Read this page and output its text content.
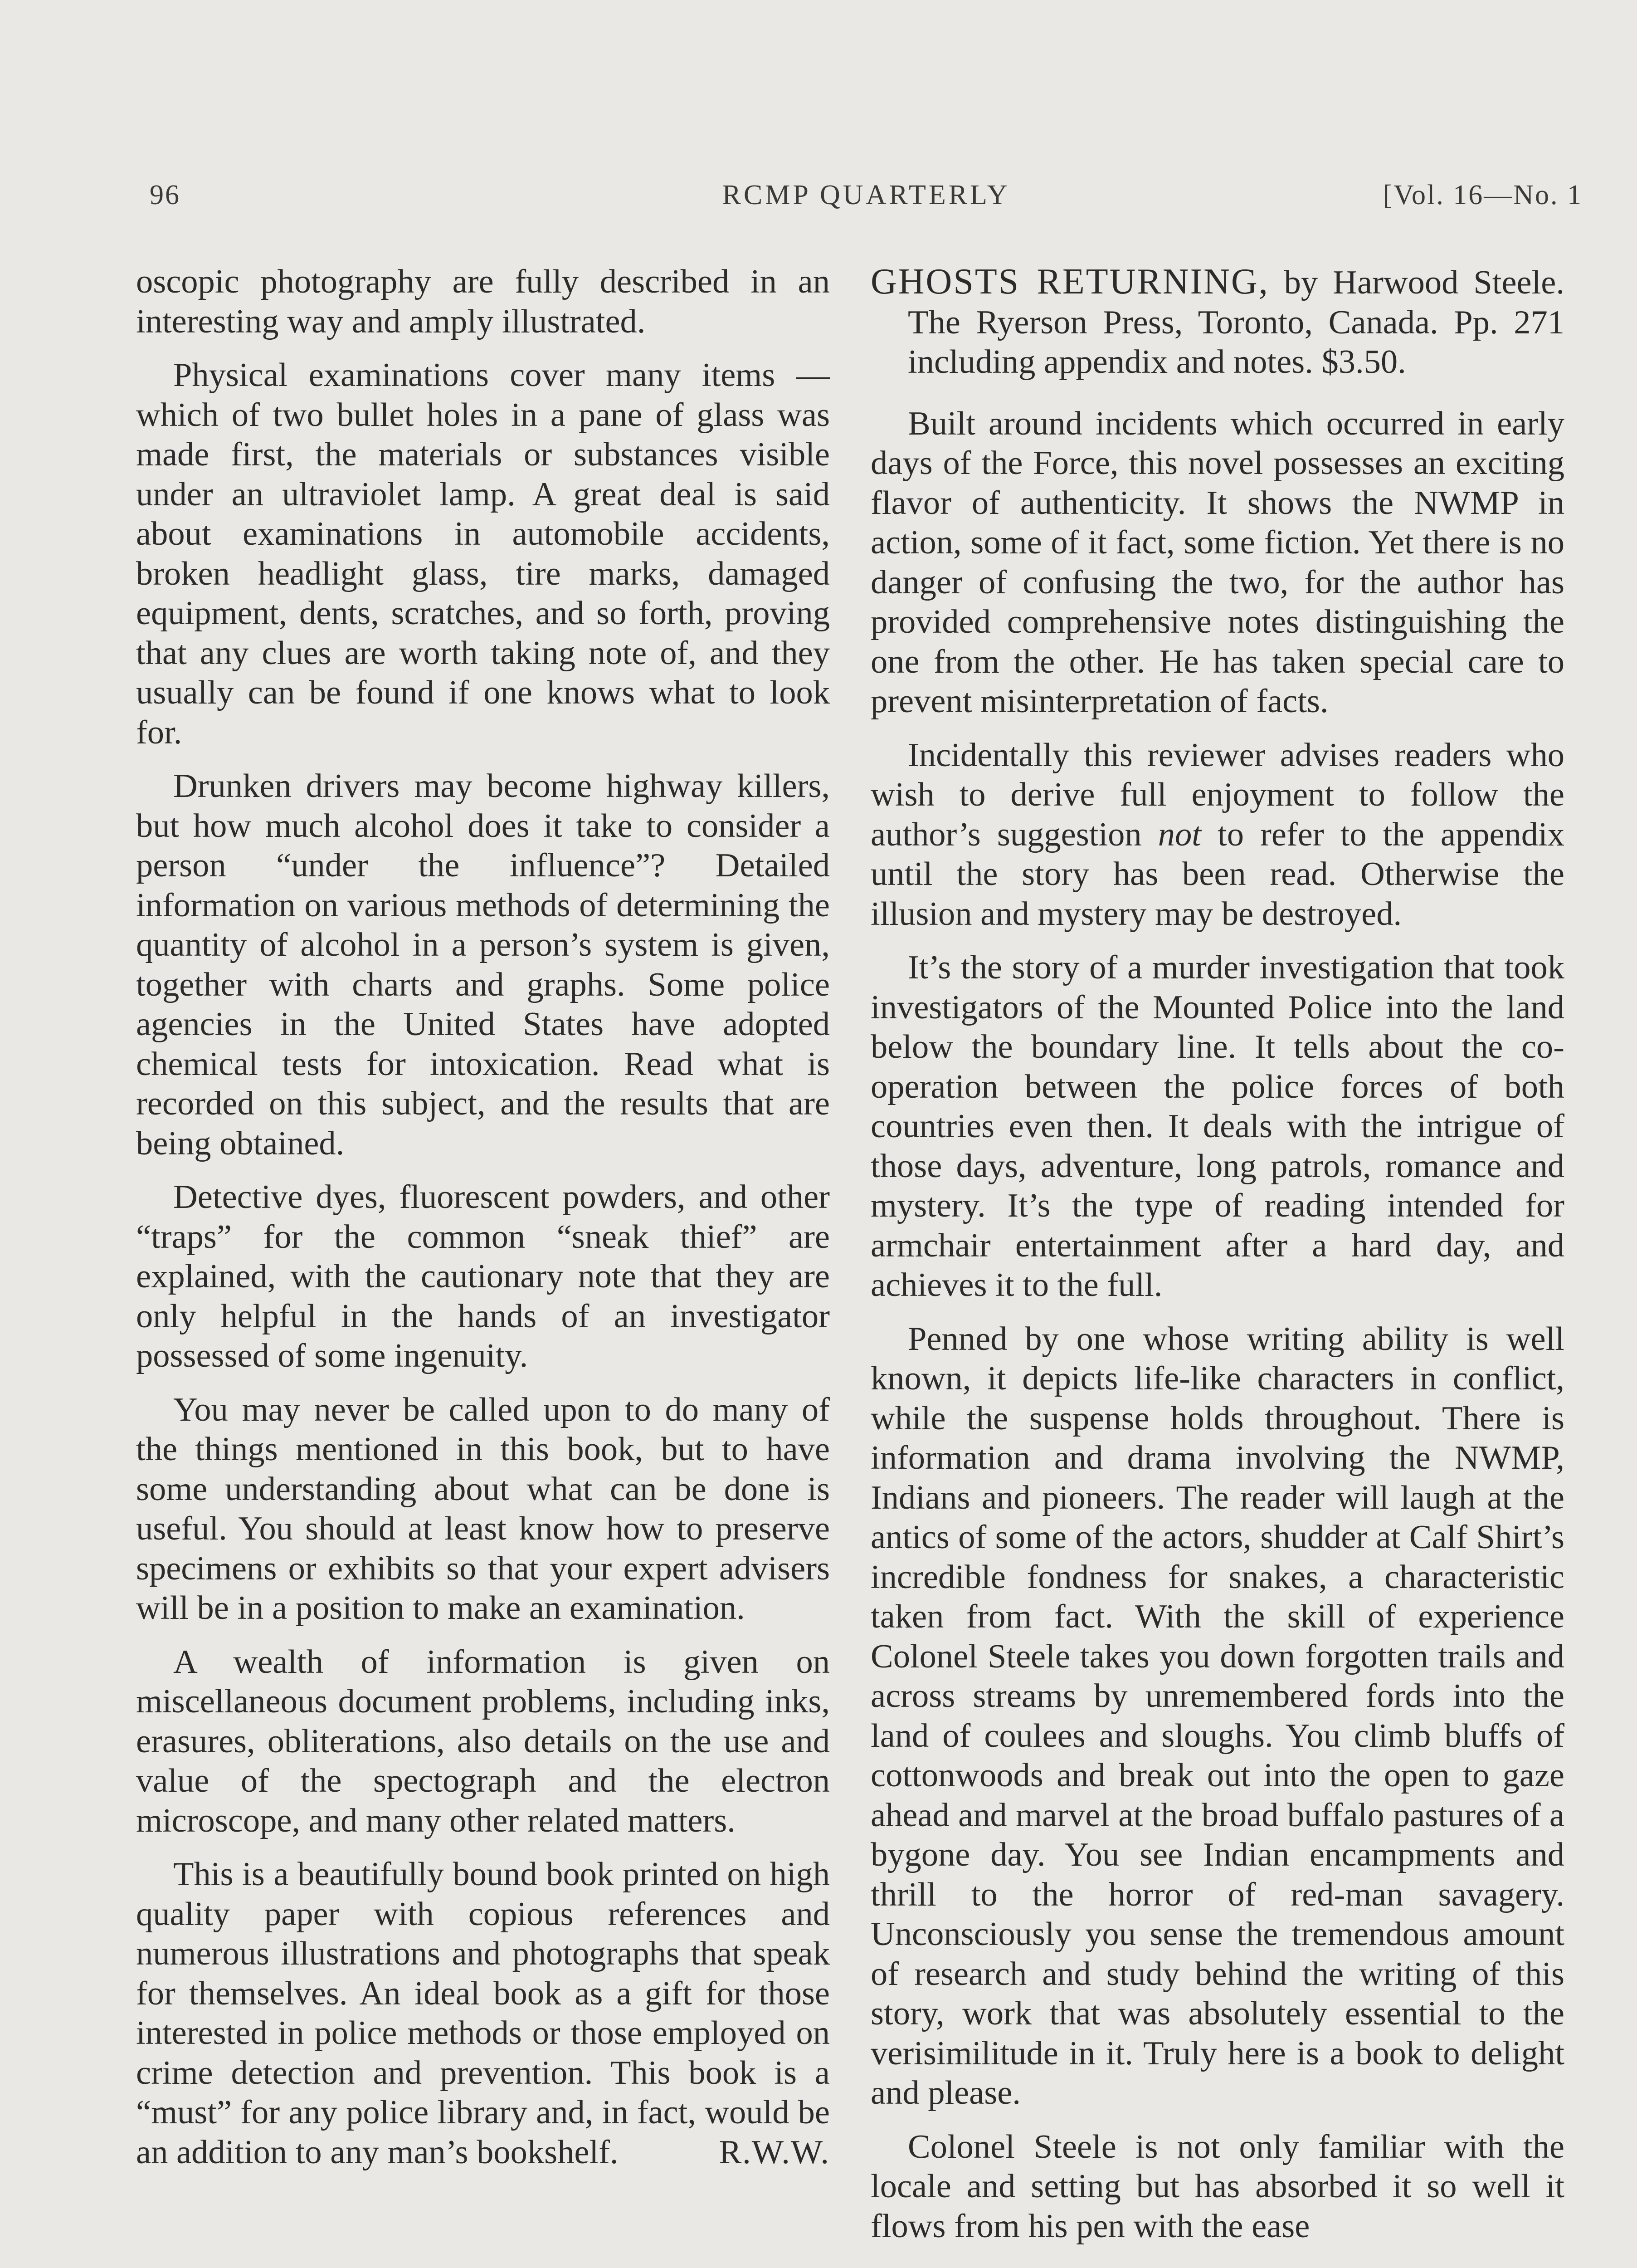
96	RCMP QUARTERLY	[Vol. 16—No. 1

oscopic photography are fully described in an interesting way and amply illustrated.

Physical examinations cover many items —which of two bullet holes in a pane of glass was made first, the materials or substances visible under an ultraviolet lamp. A great deal is said about examinations in automobile accidents, broken headlight glass, tire marks, damaged equipment, dents, scratches, and so forth, proving that any clues are worth taking note of, and they usually can be found if one knows what to look for.

Drunken drivers may become highway killers, but how much alcohol does it take to consider a person “under the influence”? Detailed information on various methods of determining the quantity of alcohol in a person’s system is given, together with charts and graphs. Some police agencies in the United States have adopted chemical tests for intoxication. Read what is recorded on this subject, and the results that are being obtained.

Detective dyes, fluorescent powders, and other “traps” for the common “sneak thief” are explained, with the cautionary note that they are only helpful in the hands of an investigator possessed of some ingenuity.

You may never be called upon to do many of the things mentioned in this book, but to have some understanding about what can be done is useful. You should at least know how to preserve specimens or exhibits so that your expert advisers will be in a position to make an examination.

A wealth of information is given on miscellaneous document problems, including inks, erasures, obliterations, also details on the use and value of the spectograph and the electron microscope, and many other related matters.

This is a beautifully bound book printed on high quality paper with copious references and numerous illustrations and photographs that speak for themselves. An ideal book as a gift for those interested in police methods or those employed on crime detection and prevention. This book is a “must” for any police library and, in fact, would be an addition to any man’s bookshelf.	R.W.W.

GHOSTS RETURNING, by Harwood Steele. The Ryerson Press, Toronto, Canada. Pp. 271 including appendix and notes. $3.50.

Built around incidents which occurred in early days of the Force, this novel possesses an exciting flavor of authenticity. It shows the NWMP in action, some of it fact, some fiction. Yet there is no danger of confusing the two, for the author has provided comprehensive notes distinguishing the one from the other. He has taken special care to prevent misinterpretation of facts.

Incidentally this reviewer advises readers who wish to derive full enjoyment to follow the author’s suggestion not to refer to the appendix until the story has been read. Otherwise the illusion and mystery may be destroyed.

It’s the story of a murder investigation that took investigators of the Mounted Police into the land below the boundary line. It tells about the co-operation between the police forces of both countries even then. It deals with the intrigue of those days, adventure, long patrols, romance and mystery. It’s the type of reading intended for armchair entertainment after a hard day, and achieves it to the full.

Penned by one whose writing ability is well known, it depicts life-like characters in conflict, while the suspense holds throughout. There is information and drama involving the NWMP, Indians and pioneers. The reader will laugh at the antics of some of the actors, shudder at Calf Shirt’s incredible fondness for snakes, a characteristic taken from fact. With the skill of experience Colonel Steele takes you down forgotten trails and across streams by unremembered fords into the land of coulees and sloughs. You climb bluffs of cottonwoods and break out into the open to gaze ahead and marvel at the broad buffalo pastures of a bygone day. You see Indian encampments and thrill to the horror of red-man savagery. Unconsciously you sense the tremendous amount of research and study behind the writing of this story, work that was absolutely essential to the verisimilitude in it. Truly here is a book to delight and please.

Colonel Steele is not only familiar with the locale and setting but has absorbed it so well it flows from his pen with the ease
